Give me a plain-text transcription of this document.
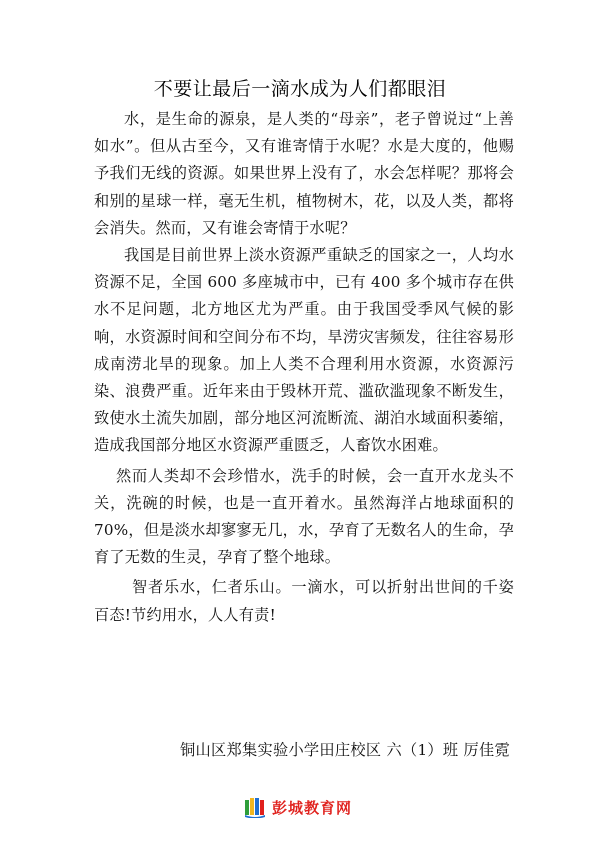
不要让最后一滴水成为人们都眼泪

水，是生命的源泉，是人类的“母亲”，老子曾说过“上善如水”。但从古至今，又有谁寄情于水呢？水是大度的，他赐予我们无线的资源。如果世界上没有了，水会怎样呢？那将会和别的星球一样，毫无生机，植物树木，花，以及人类，都将会消失。然而，又有谁会寄情于水呢？

我国是目前世界上淡水资源严重缺乏的国家之一，人均水资源不足，全国 600 多座城市中，已有 400 多个城市存在供水不足问题，北方地区尤为严重。由于我国受季风气候的影响，水资源时间和空间分布不均，旱涝灾害频发，往往容易形成南涝北旱的现象。加上人类不合理利用水资源，水资源污染、浪费严重。近年来由于毁林开荒、滥砍滥现象不断发生，致使水土流失加剧，部分地区河流断流、湖泊水域面积萎缩，造成我国部分地区水资源严重匮乏，人畜饮水困难。

然而人类却不会珍惜水，洗手的时候，会一直开水龙头不关，洗碗的时候，也是一直开着水。虽然海洋占地球面积的 70%，但是淡水却寥寥无几，水，孕育了无数名人的生命，孕育了无数的生灵，孕育了整个地球。

智者乐水，仁者乐山。一滴水，可以折射出世间的千姿百态!节约用水，人人有责!

铜山区郑集实验小学田庄校区 六（1）班 厉佳霓
彭城教育网
